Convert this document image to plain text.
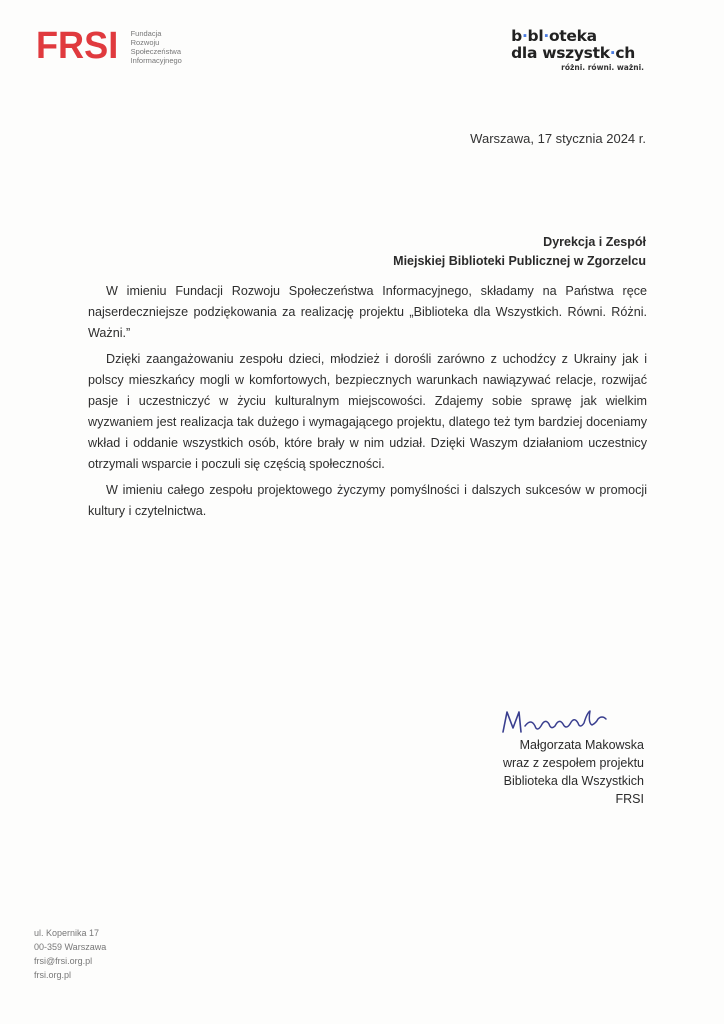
FRSI Fundacja
Rozwoju
Społeczeństwa
Informacyjnego
b·bl·oteka
dla wszystk·ch
różni. równi. ważni.
Warszawa, 17 stycznia 2024 r.
Dyrekcja i Zespół
Miejskiej Biblioteki Publicznej w Zgorzelcu

W imieniu Fundacji Rozwoju Społeczeństwa Informacyjnego, składamy na Państwa ręce najserdeczniejsze podziękowania za realizację projektu „Biblioteka dla Wszystkich. Równi. Różni. Ważni.”

Dzięki zaangażowaniu zespołu dzieci, młodzież i dorośli zarówno z uchodźcy z Ukrainy jak i polscy mieszkańcy mogli w komfortowych, bezpiecznych warunkach nawiązywać relacje, rozwijać pasje i uczestniczyć w życiu kulturalnym miejscowości. Zdajemy sobie sprawę jak wielkim wyzwaniem jest realizacja tak dużego i wymagającego projektu, dlatego też tym bardziej doceniamy wkład i oddanie wszystkich osób, które brały w nim udział. Dzięki Waszym działaniom uczestnicy otrzymali wsparcie i poczuli się częścią społeczności.

W imieniu całego zespołu projektowego życzymy pomyślności i dalszych sukcesów w promocji kultury i czytelnictwa.

Małgorzata Makowska
wraz z zespołem projektu
Biblioteka dla Wszystkich
FRSI
ul. Kopernika 17
00-359 Warszawa
frsi@frsi.org.pl
frsi.org.pl
